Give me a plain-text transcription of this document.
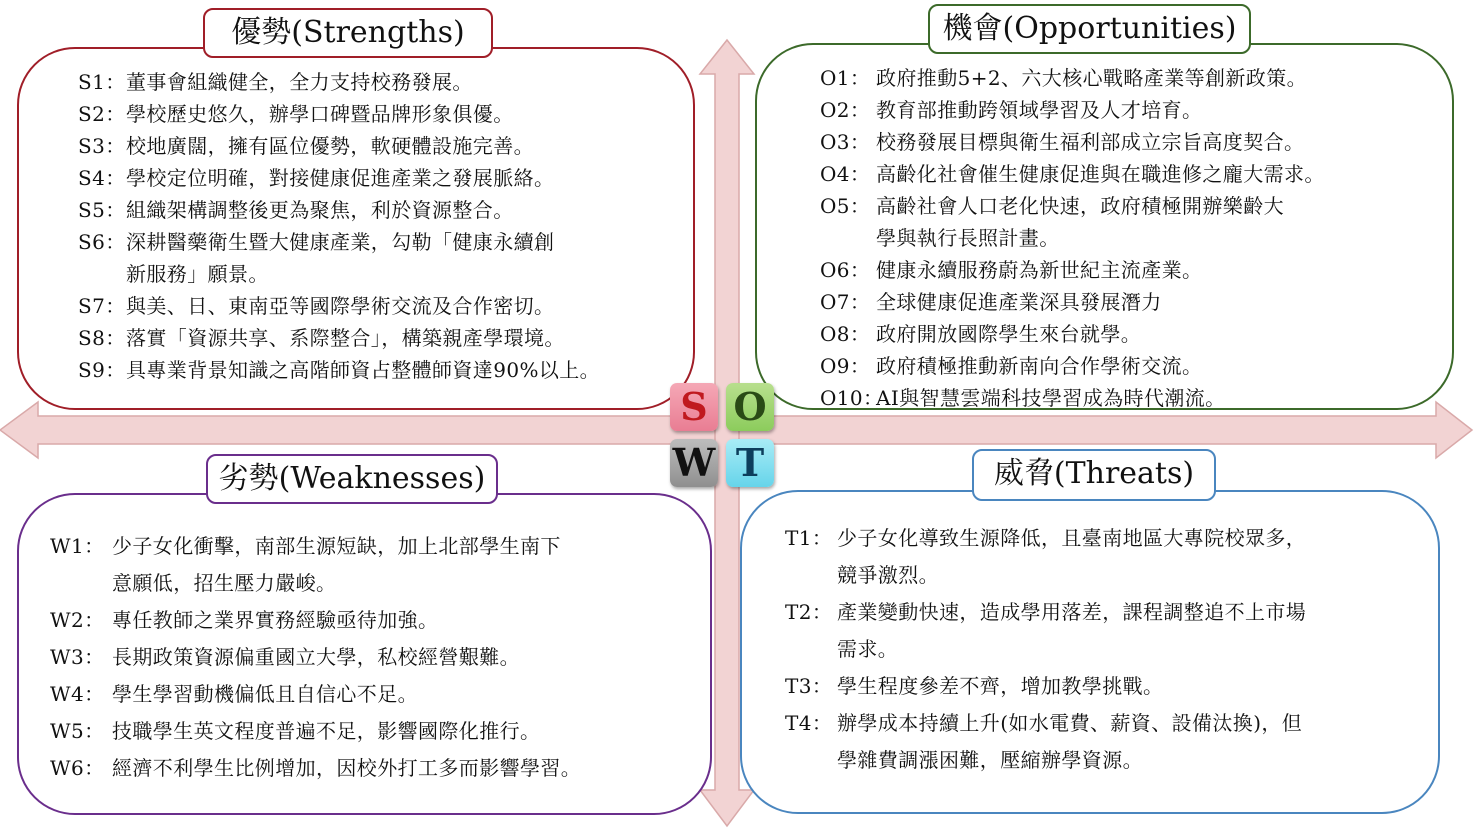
優勢(Strengths)	機會(Opportunities)
劣勢(Weaknesses)	威脅(Threats)
S1： 董事會組織健全，全力支持校務發展。
S2： 學校歷史悠久，辦學口碑暨品牌形象俱優。
S3： 校地廣闊，擁有區位優勢，軟硬體設施完善。
S4： 學校定位明確，對接健康促進產業之發展脈絡。
S5： 組織架構調整後更為聚焦，利於資源整合。
S6： 深耕醫藥衛生暨大健康產業，勾勒「健康永續創
新服務」願景。
S7： 與美、日、東南亞等國際學術交流及合作密切。
S8： 落實「資源共享、系際整合」，構築親產學環境。
S9： 具專業背景知識之高階師資占整體師資達90%以上。
O1： 政府推動5+2、六大核心戰略產業等創新政策。
O2： 教育部推動跨領域學習及人才培育。
O3： 校務發展目標與衛生福利部成立宗旨高度契合。
O4： 高齡化社會催生健康促進與在職進修之龐大需求。
O5： 高齡社會人口老化快速，政府積極開辦樂齡大
學與執行長照計畫。
O6： 健康永續服務蔚為新世紀主流產業。
O7： 全球健康促進產業深具發展潛力
O8： 政府開放國際學生來台就學。
O9： 政府積極推動新南向合作學術交流。
O10：
AI與智慧雲端科技學習成為時代潮流。
W1： 少子女化衝擊，南部生源短缺，加上北部學生南下
意願低，招生壓力嚴峻。
W2： 專任教師之業界實務經驗亟待加強。
W3： 長期政策資源偏重國立大學，私校經營艱難。
W4： 學生學習動機偏低且自信心不足。
W5： 技職學生英文程度普遍不足，影響國際化推行。
W6： 經濟不利學生比例增加，因校外打工多而影響學習。
T1： 少子女化導致生源降低，且臺南地區大專院校眾多，
競爭激烈。
T2： 產業變動快速，造成學用落差，課程調整追不上市場
需求。
T3： 學生程度參差不齊，增加教學挑戰。
T4： 辦學成本持續上升(如水電費、薪資、設備汰換)，但
學雜費調漲困難，壓縮辦學資源。
S O
W T
